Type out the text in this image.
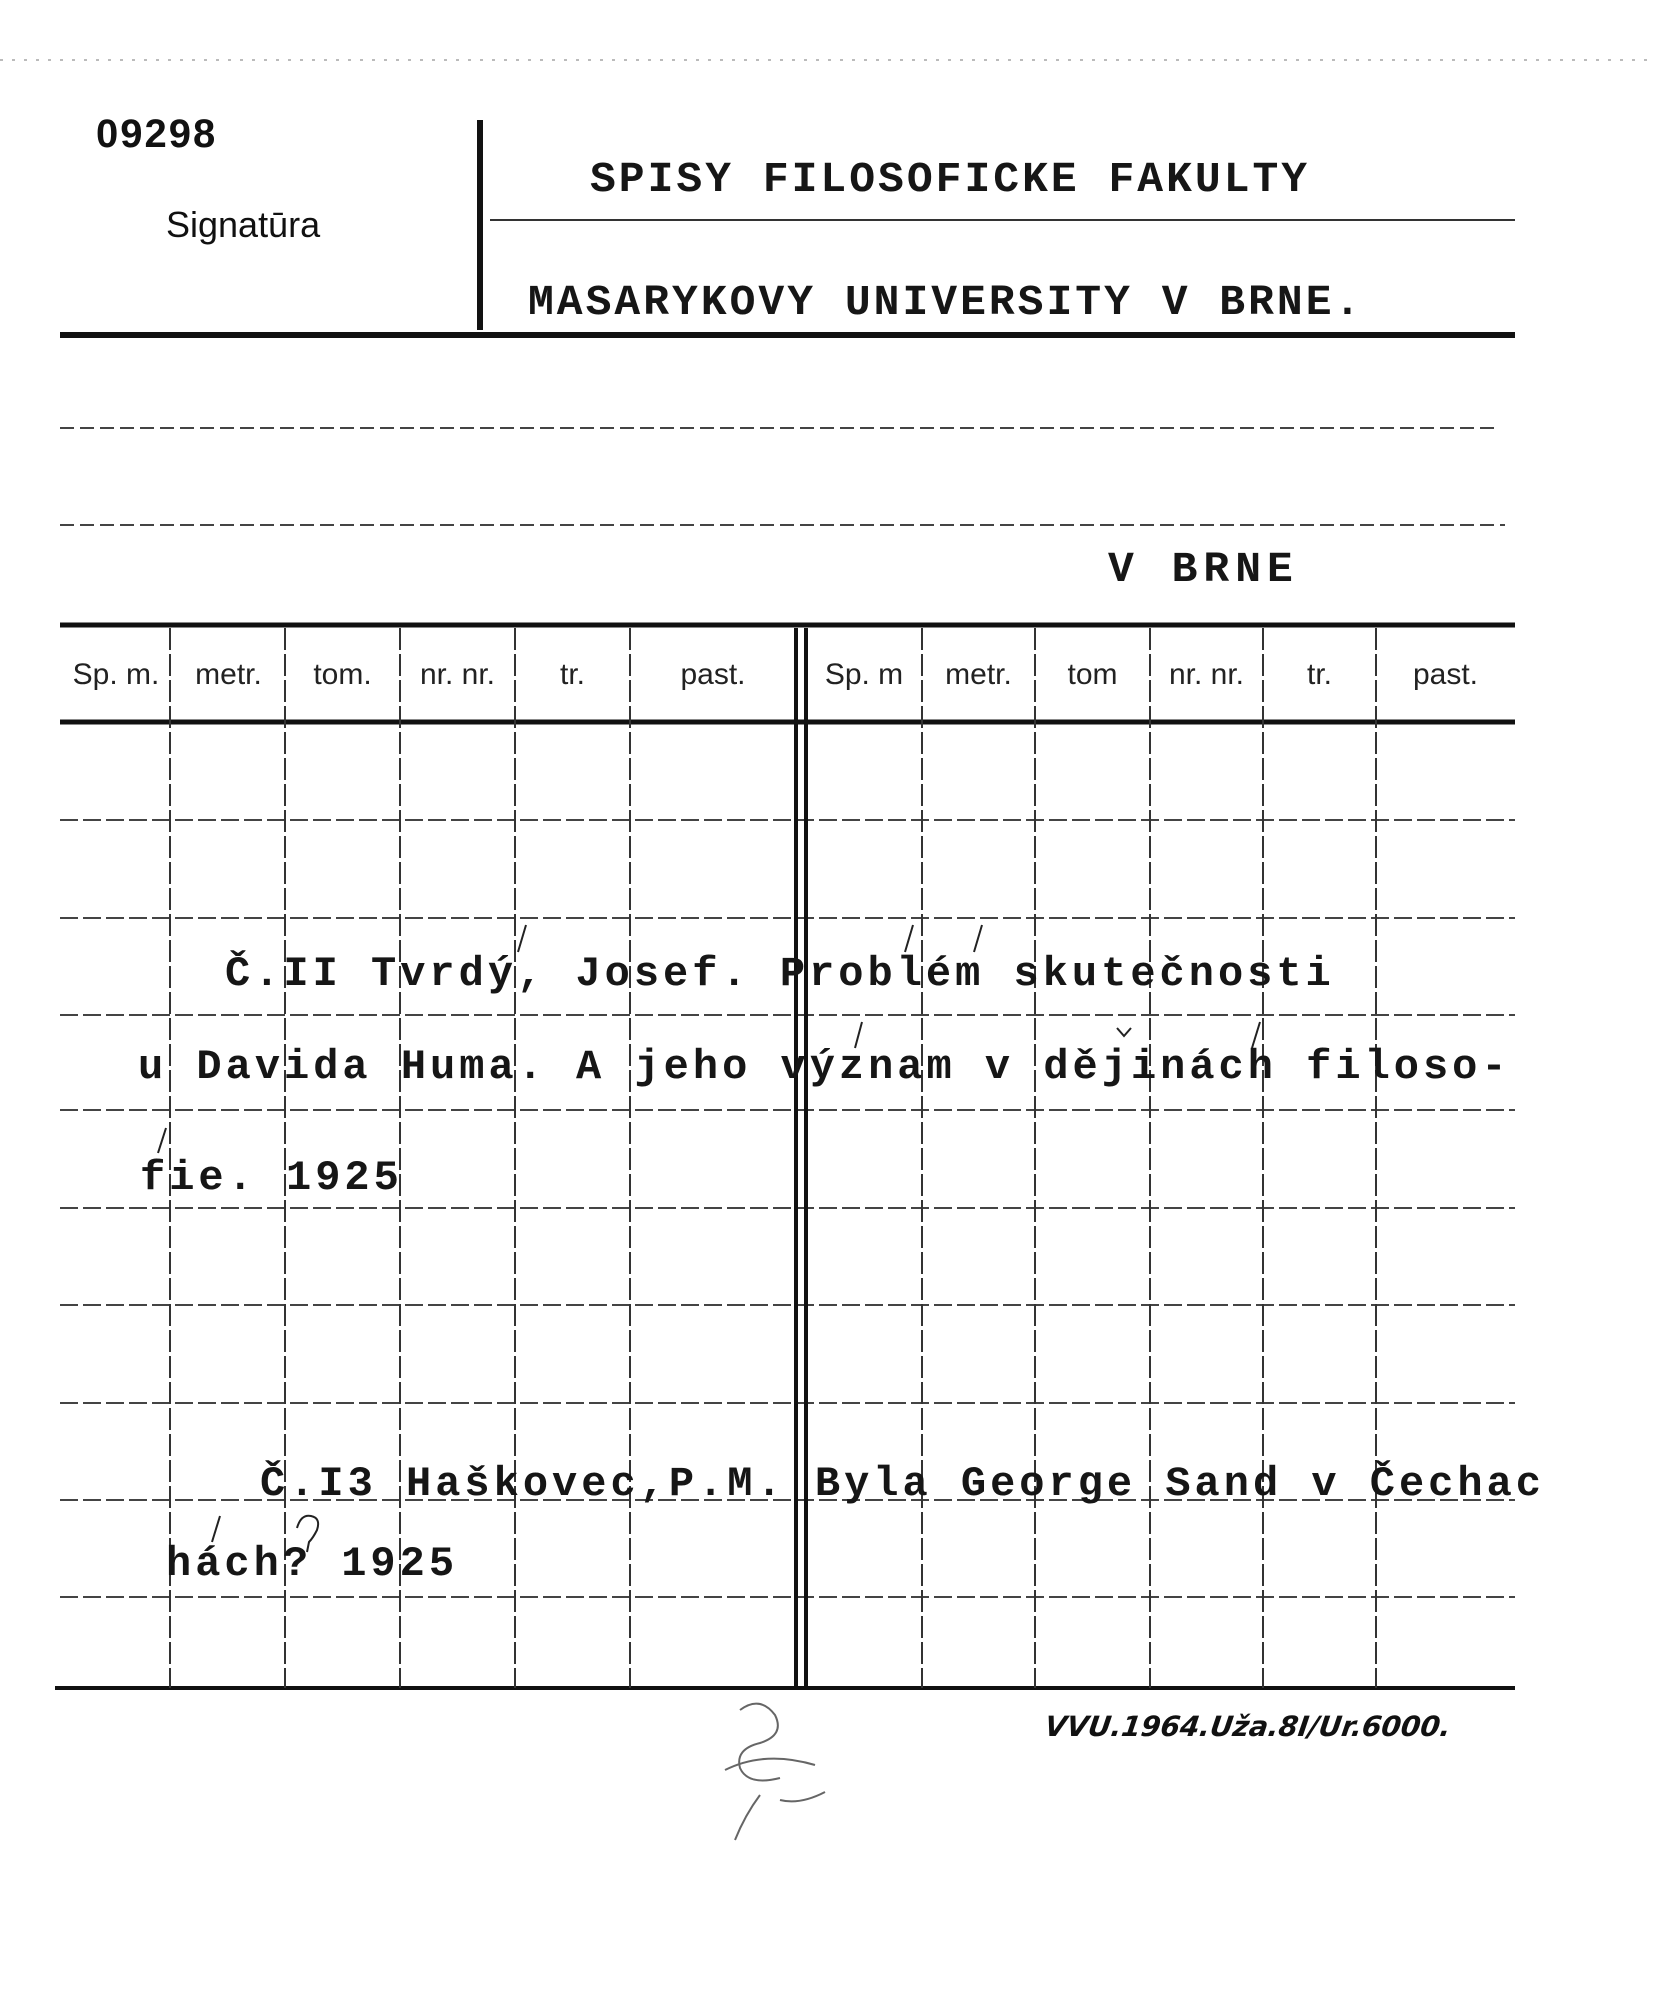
09298
Signatūra
SPISY FILOSOFICKE FAKULTY
MASARYKOVY UNIVERSITY V BRNE.
V BRNE
Sp. m.	metr.	tom.	nr. nr.	tr.	past.	Sp. m	metr.	tom	nr. nr.	tr.	past.
Č.II Tvrdý, Josef. Problém skutečnosti
u Davida Huma. A jeho význam v dějinách filoso-
fie. 1925
Č.I3 Haškovec,P.M. Byla George Sand v Čechac
hách? 1925
VVU.1964.Uža.8I/Ur.6000.
